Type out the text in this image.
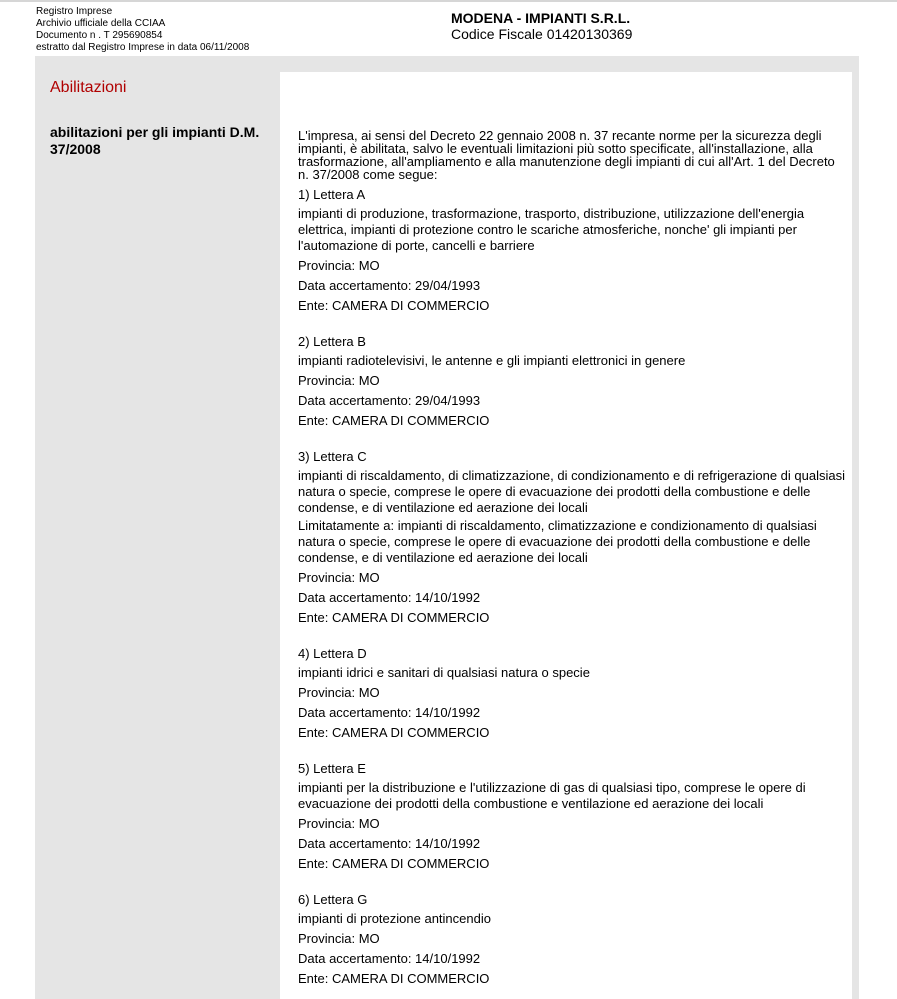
Registro Imprese
Archivio ufficiale della CCIAA
Documento n . T 295690854
estratto dal Registro Imprese in data 06/11/2008
MODENA - IMPIANTI S.R.L.
Codice Fiscale 01420130369
Abilitazioni
abilitazioni per gli impianti D.M. 37/2008

L'impresa, ai sensi del Decreto 22 gennaio 2008 n. 37 recante norme per la sicurezza degli impianti, è abilitata, salvo le eventuali limitazioni più sotto specificate, all'installazione, alla trasformazione, all'ampliamento e alla manutenzione degli impianti di cui all'Art. 1 del Decreto n. 37/2008 come segue:

1) Lettera A
impianti di produzione, trasformazione, trasporto, distribuzione, utilizzazione dell'energia elettrica, impianti di protezione contro le scariche atmosferiche, nonche' gli impianti per l'automazione di porte, cancelli e barriere
Provincia: MO
Data accertamento: 29/04/1993
Ente: CAMERA DI COMMERCIO
2) Lettera B
impianti radiotelevisivi, le antenne e gli impianti elettronici in genere
Provincia: MO
Data accertamento: 29/04/1993
Ente: CAMERA DI COMMERCIO
3) Lettera C
impianti di riscaldamento, di climatizzazione, di condizionamento e di refrigerazione di qualsiasi natura o specie, comprese le opere di evacuazione dei prodotti della combustione e delle condense, e di ventilazione ed aerazione dei locali
Limitatamente a: impianti di riscaldamento, climatizzazione e condizionamento di qualsiasi natura o specie, comprese le opere di evacuazione dei prodotti della combustione e delle condense, e di ventilazione ed aerazione dei locali
Provincia: MO
Data accertamento: 14/10/1992
Ente: CAMERA DI COMMERCIO
4) Lettera D
impianti idrici e sanitari di qualsiasi natura o specie
Provincia: MO
Data accertamento: 14/10/1992
Ente: CAMERA DI COMMERCIO
5) Lettera E
impianti per la distribuzione e l'utilizzazione di gas di qualsiasi tipo, comprese le opere di evacuazione dei prodotti della combustione e ventilazione ed aerazione dei locali
Provincia: MO
Data accertamento: 14/10/1992
Ente: CAMERA DI COMMERCIO
6) Lettera G
impianti di protezione antincendio
Provincia: MO
Data accertamento: 14/10/1992
Ente: CAMERA DI COMMERCIO
